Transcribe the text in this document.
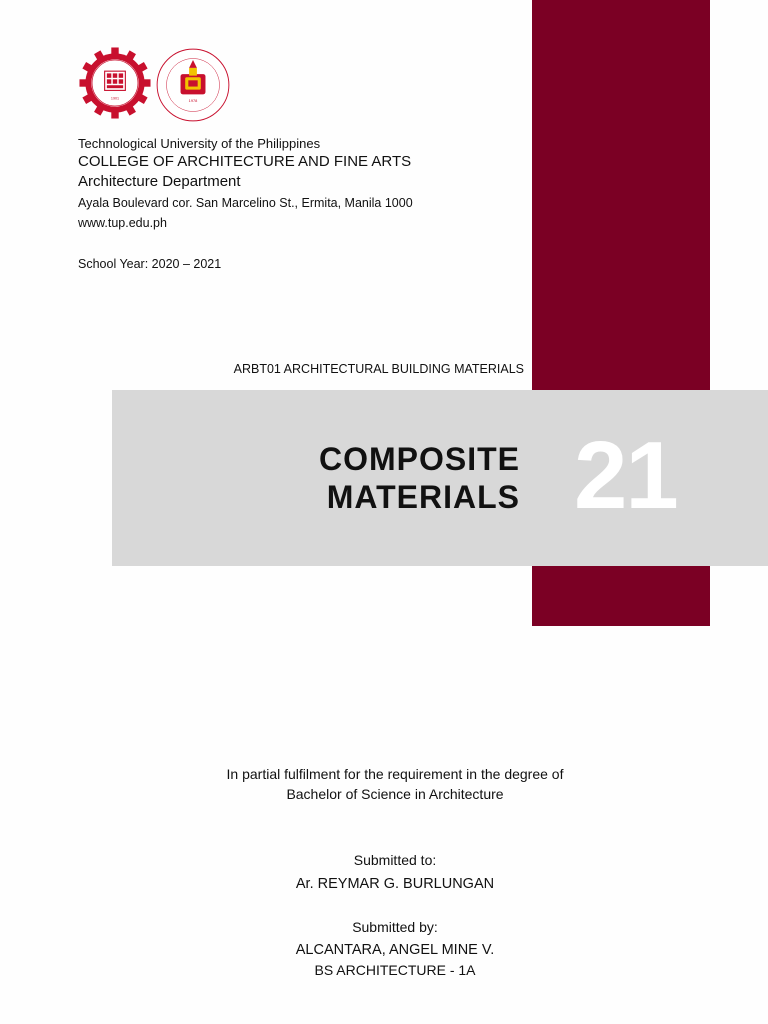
1901	1978
Technological University of the Philippines
COLLEGE OF ARCHITECTURE AND FINE ARTS
Architecture Department
Ayala Boulevard cor. San Marcelino St., Ermita, Manila 1000
www.tup.edu.ph
School Year: 2020 – 2021
ARBT01 ARCHITECTURAL BUILDING MATERIALS
COMPOSITE
MATERIALS 21
In partial fulfilment for the requirement in the degree of
Bachelor of Science in Architecture
Submitted to:
Ar. REYMAR G. BURLUNGAN
Submitted by:
ALCANTARA, ANGEL MINE V.
BS ARCHITECTURE - 1A
